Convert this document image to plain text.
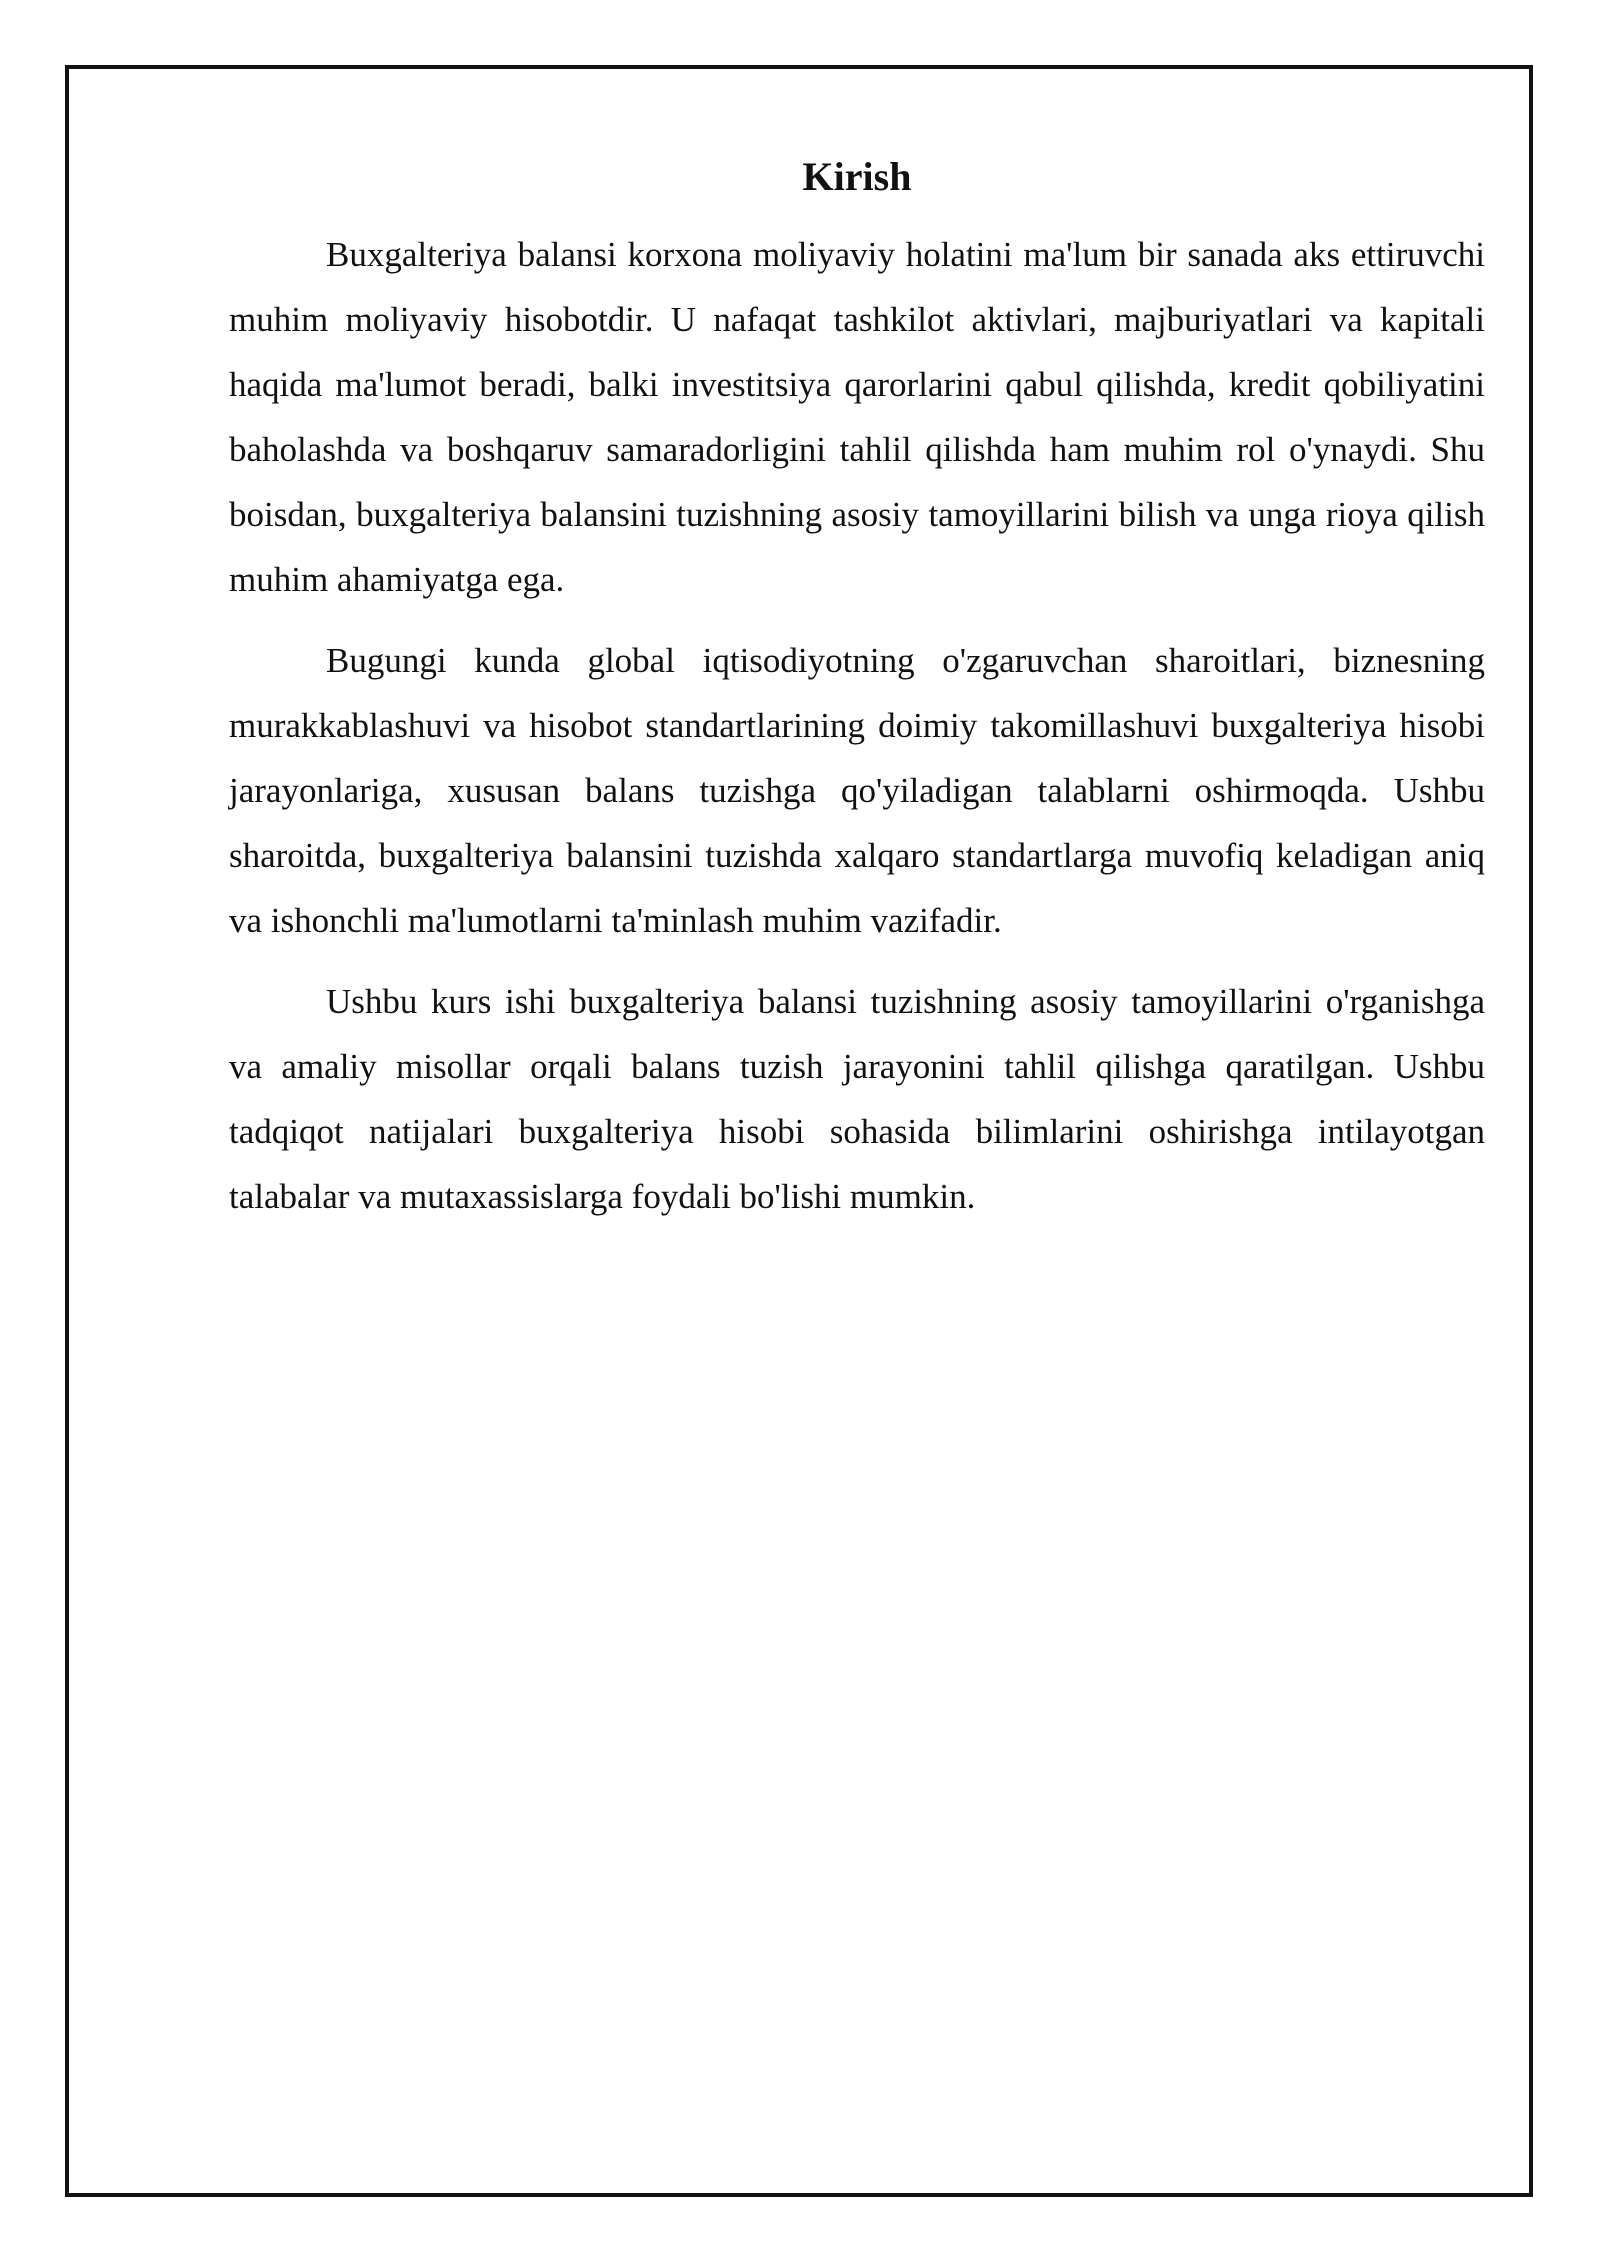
Kirish

Buxgalteriya balansi korxona moliyaviy holatini ma'lum bir sanada aks ettiruvchi muhim moliyaviy hisobotdir. U nafaqat tashkilot aktivlari, majburiyatlari va kapitali haqida ma'lumot beradi, balki investitsiya qarorlarini qabul qilishda, kredit qobiliyatini baholashda va boshqaruv samaradorligini tahlil qilishda ham muhim rol o'ynaydi. Shu boisdan, buxgalteriya balansini tuzishning asosiy tamoyillarini bilish va unga rioya qilish muhim ahamiyatga ega.

Bugungi kunda global iqtisodiyotning o'zgaruvchan sharoitlari, biznesning murakkablashuvi va hisobot standartlarining doimiy takomillashuvi buxgalteriya hisobi jarayonlariga, xususan balans tuzishga qo'yiladigan talablarni oshirmoqda. Ushbu sharoitda, buxgalteriya balansini tuzishda xalqaro standartlarga muvofiq keladigan aniq va ishonchli ma'lumotlarni ta'minlash muhim vazifadir.

Ushbu kurs ishi buxgalteriya balansi tuzishning asosiy tamoyillarini o'rganishga va amaliy misollar orqali balans tuzish jarayonini tahlil qilishga qaratilgan. Ushbu tadqiqot natijalari buxgalteriya hisobi sohasida bilimlarini oshirishga intilayotgan talabalar va mutaxassislarga foydali bo'lishi mumkin.
